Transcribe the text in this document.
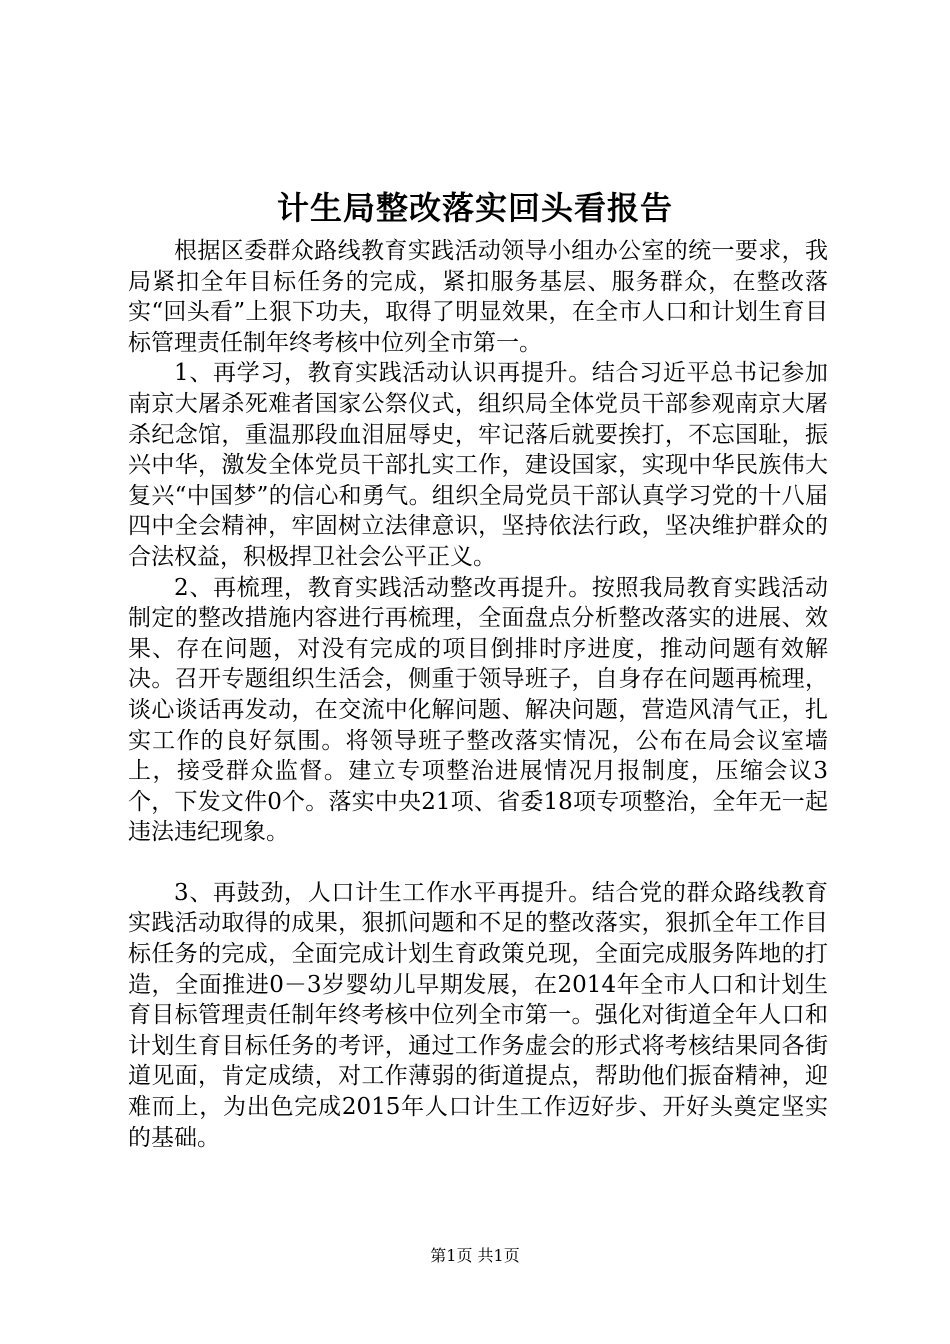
计生局整改落实回头看报告

根据区委群众路线教育实践活动领导小组办公室的统一要求，我局紧扣全年目标任务的完成，紧扣服务基层、服务群众，在整改落实“回头看”上狠下功夫，取得了明显效果，在全市人口和计划生育目标管理责任制年终考核中位列全市第一。

1、再学习，教育实践活动认识再提升。结合习近平总书记参加南京大屠杀死难者国家公祭仪式，组织局全体党员干部参观南京大屠杀纪念馆，重温那段血泪屈辱史，牢记落后就要挨打，不忘国耻，振兴中华，激发全体党员干部扎实工作，建设国家，实现中华民族伟大复兴“中国梦”的信心和勇气。组织全局党员干部认真学习党的十八届四中全会精神，牢固树立法律意识，坚持依法行政，坚决维护群众的合法权益，积极捍卫社会公平正义。

2、再梳理，教育实践活动整改再提升。按照我局教育实践活动制定的整改措施内容进行再梳理，全面盘点分析整改落实的进展、效果、存在问题，对没有完成的项目倒排时序进度，推动问题有效解决。召开专题组织生活会，侧重于领导班子，自身存在问题再梳理，谈心谈话再发动，在交流中化解问题、解决问题，营造风清气正，扎实工作的良好氛围。将领导班子整改落实情况，公布在局会议室墙上，接受群众监督。建立专项整治进展情况月报制度，压缩会议3个，下发文件0个。落实中央21项、省委18项专项整治，全年无一起违法违纪现象。

3、再鼓劲，人口计生工作水平再提升。结合党的群众路线教育实践活动取得的成果，狠抓问题和不足的整改落实，狠抓全年工作目标任务的完成，全面完成计划生育政策兑现，全面完成服务阵地的打造，全面推进0－3岁婴幼儿早期发展，在2014年全市人口和计划生育目标管理责任制年终考核中位列全市第一。强化对街道全年人口和计划生育目标任务的考评，通过工作务虚会的形式将考核结果同各街道见面，肯定成绩，对工作薄弱的街道提点，帮助他们振奋精神，迎难而上，为出色完成2015年人口计生工作迈好步、开好头奠定坚实的基础。

第1页 共1页
